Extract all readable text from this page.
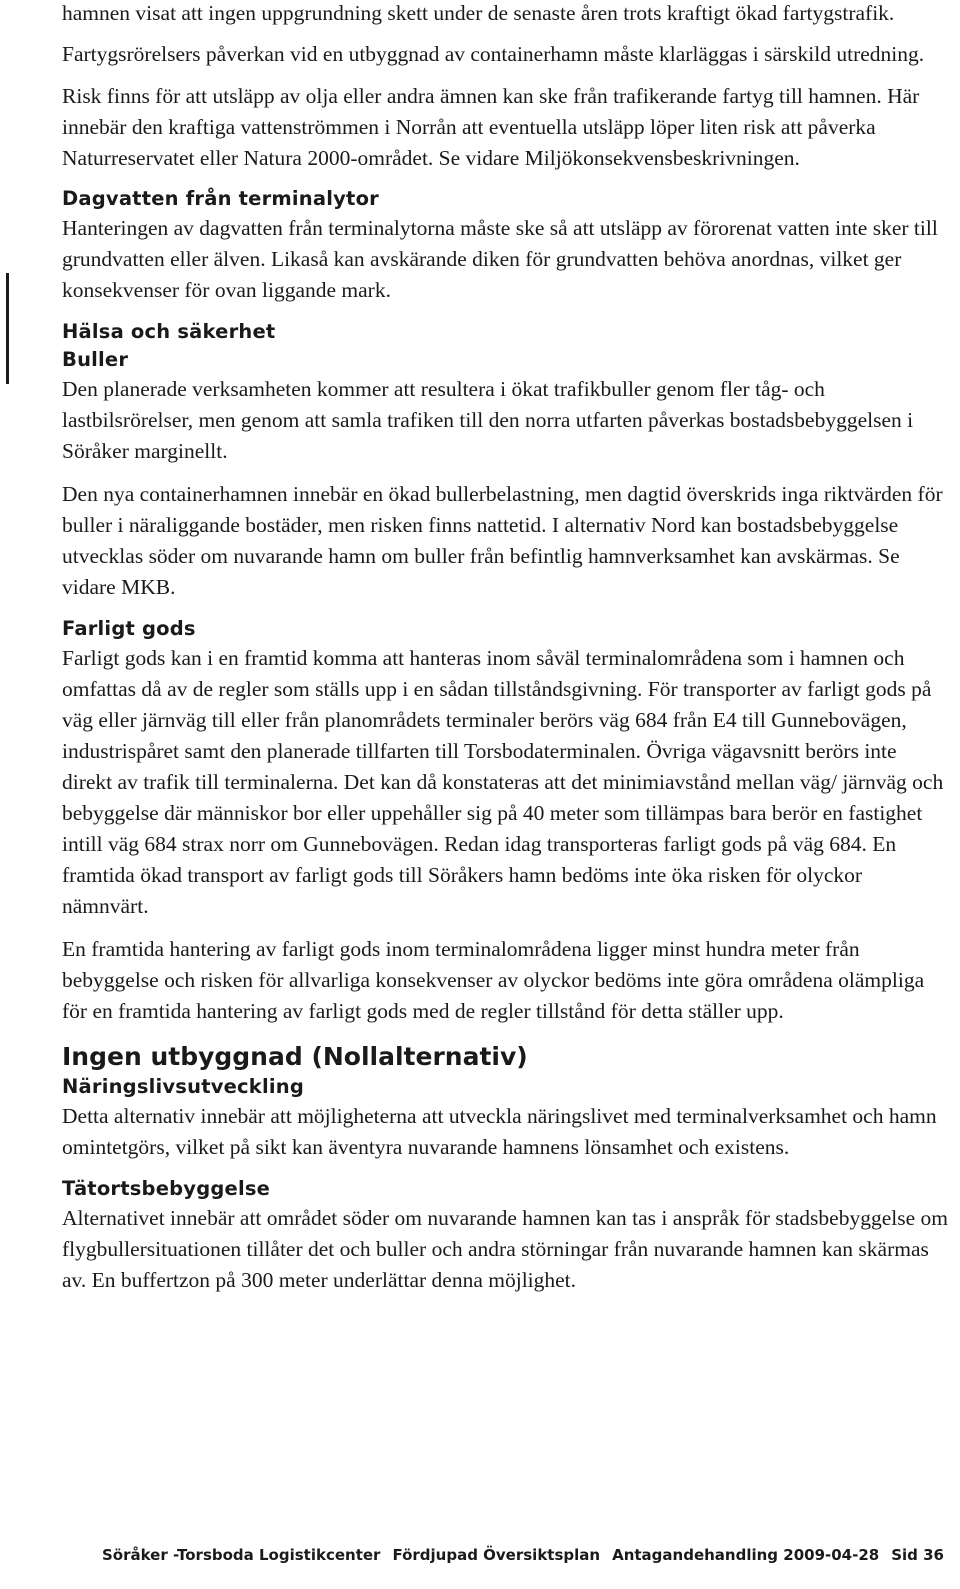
hamnen visat att ingen uppgrundning skett under de senaste åren trots kraftigt ökad fartygstrafik.

Fartygsrörelsers påverkan vid en utbyggnad av containerhamn måste klarläggas i särskild utredning.

Risk finns för att utsläpp av olja eller andra ämnen kan ske från trafikerande fartyg till hamnen. Här innebär den kraftiga vattenströmmen i Norrån att eventuella utsläpp löper liten risk att påverka Naturreservatet eller Natura 2000-området. Se vidare Miljökonsekvensbeskrivningen.

Dagvatten från terminalytor

Hanteringen av dagvatten från terminalytorna måste ske så att utsläpp av förorenat vatten inte sker till grundvatten eller älven. Likaså kan avskärande diken för grundvatten behöva anordnas, vilket ger konsekvenser för ovan liggande mark.

Hälsa och säkerhet
Buller

Den planerade verksamheten kommer att resultera i ökat trafikbuller genom fler tåg- och lastbilsrörelser, men genom att samla trafiken till den norra utfarten påverkas bostadsbebyggelsen i Söråker marginellt.

Den nya containerhamnen innebär en ökad bullerbelastning, men dagtid överskrids inga riktvärden för buller i näraliggande bostäder, men risken finns nattetid. I alternativ Nord kan bostadsbebyggelse utvecklas söder om nuvarande hamn om buller från befintlig hamnverksamhet kan avskärmas. Se vidare MKB.

Farligt gods

Farligt gods kan i en framtid komma att hanteras inom såväl terminalområdena som i hamnen och omfattas då av de regler som ställs upp i en sådan tillståndsgivning. För transporter av farligt gods på väg eller järnväg till eller från planområdets terminaler berörs väg 684 från E4 till Gunnebovägen, industrispåret samt den planerade tillfarten till Torsbodaterminalen. Övriga vägavsnitt berörs inte direkt av trafik till terminalerna. Det kan då konstateras att det minimiavstånd mellan väg/ järnväg och bebyggelse där människor bor eller uppehåller sig på 40 meter som tillämpas bara berör en fastighet intill väg 684 strax norr om Gunnebovägen. Redan idag transporteras farligt gods på väg 684. En framtida ökad transport av farligt gods till Söråkers hamn bedöms inte öka risken för olyckor nämnvärt.

En framtida hantering av farligt gods inom terminalområdena ligger minst hundra meter från bebyggelse och risken för allvarliga konsekvenser av olyckor bedöms inte göra områdena olämpliga för en framtida hantering av farligt gods med de regler tillstånd för detta ställer upp.

Ingen utbyggnad (Nollalternativ)
Näringslivsutveckling

Detta alternativ innebär att möjligheterna att utveckla näringslivet med terminalverksamhet och hamn omintetgörs, vilket på sikt kan äventyra nuvarande hamnens lönsamhet och existens.

Tätortsbebyggelse

Alternativet innebär att området söder om nuvarande hamnen kan tas i anspråk för stadsbebyggelse om flygbullersituationen tillåter det och buller och andra störningar från nuvarande hamnen kan skärmas av. En buffertzon på 300 meter underlättar denna möjlighet.

Söråker -Torsboda Logistikcenter Fördjupad Översiktsplan Antagandehandling 2009-04-28 Sid 36
